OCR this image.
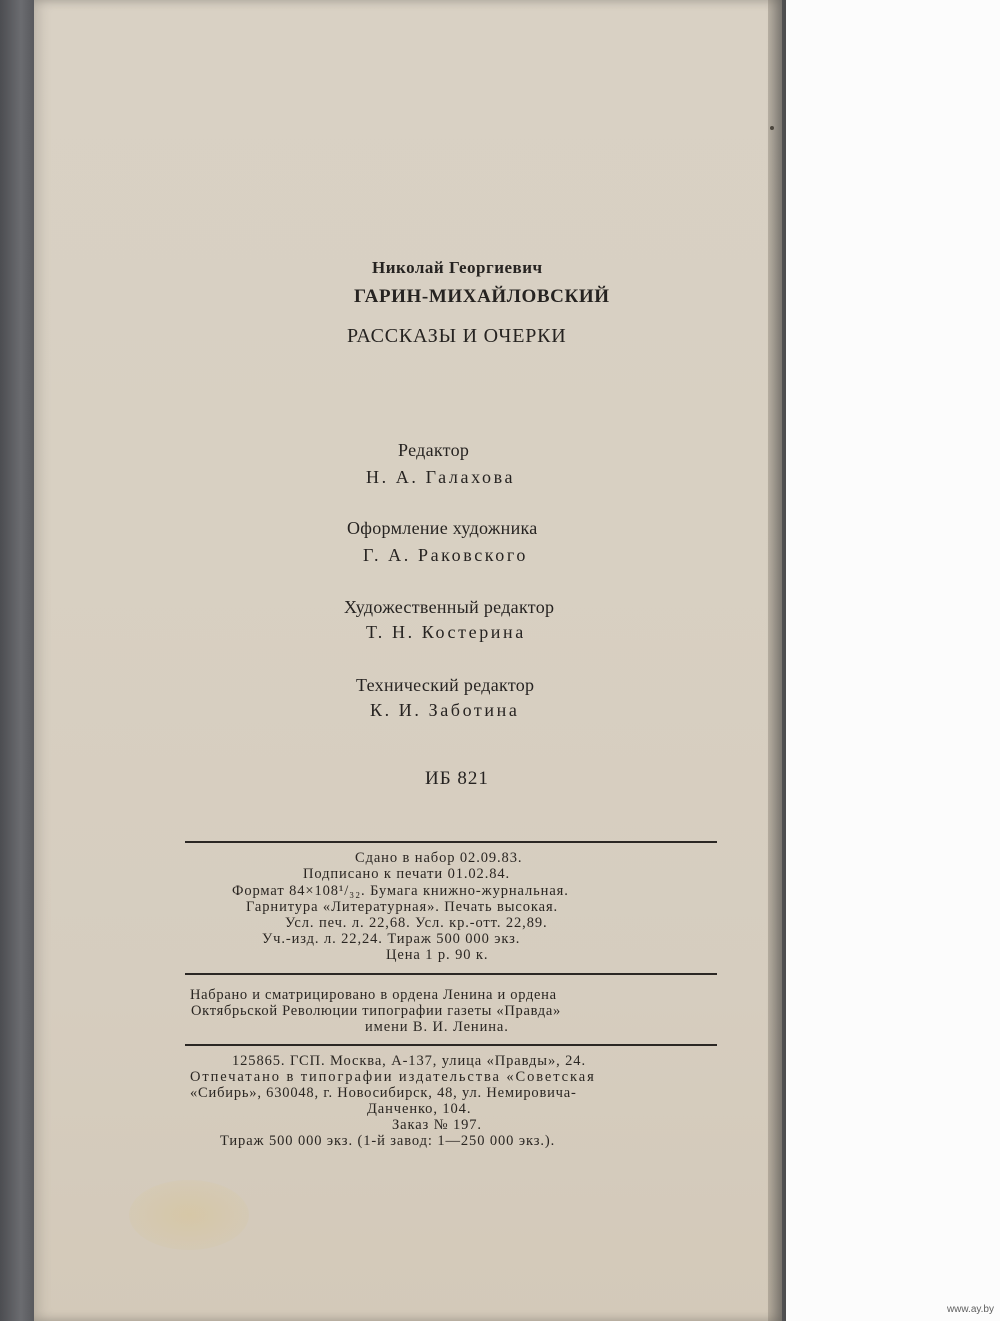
Николай Георгиевич
ГАРИН-МИХАЙЛОВСКИЙ
РАССКАЗЫ И ОЧЕРКИ
Редактор
Н. А. Галахова
Оформление художника
Г. А. Раковского
Художественный редактор
Т. Н. Костерина
Технический редактор
К. И. Заботина
ИБ 821
Сдано в набор 02.09.83.
Подписано к печати 01.02.84.
Формат 84×108¹/₃₂. Бумага книжно-журнальная.
Гарнитура «Литературная». Печать высокая.
Усл. печ. л. 22,68. Усл. кр.-отт. 22,89.
Уч.-изд. л. 22,24. Тираж 500 000 экз.
Цена 1 р. 90 к.
Набрано и сматрицировано в ордена Ленина и ордена
Октябрьской Революции типографии газеты «Правда»
имени В. И. Ленина.
125865. ГСП. Москва, А-137, улица «Правды», 24.
Отпечатано в типографии издательства «Советская
«Сибирь», 630048, г. Новосибирск, 48, ул. Немировича-
Данченко, 104.
Заказ № 197.
Тираж 500 000 экз. (1-й завод: 1—250 000 экз.).
www.ay.by
